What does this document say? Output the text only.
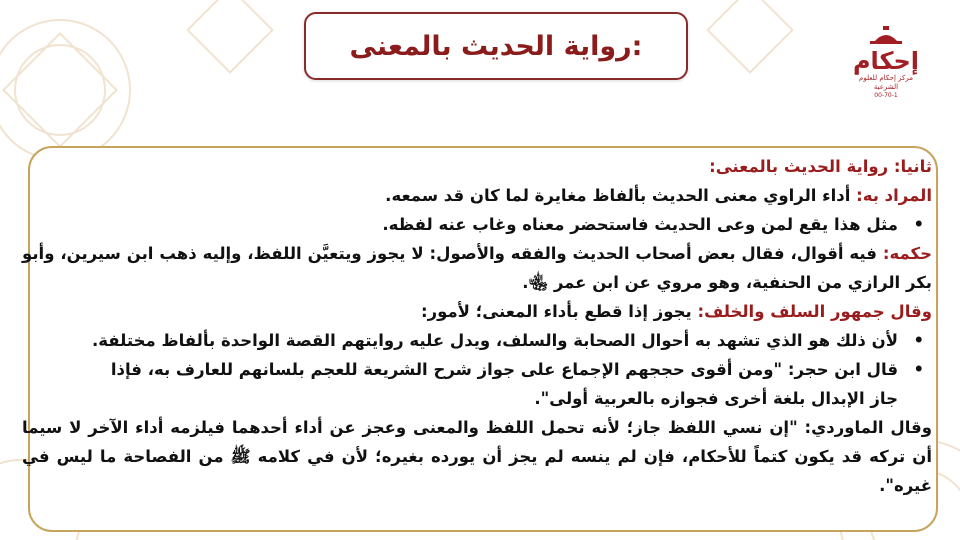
رواية الحديث بالمعنى:	إحكام
مركز إحكام للعلوم الشرعية
00-70-1
ثانيا: رواية الحديث بالمعنى:
المراد به: أداء الراوي معنى الحديث بألفاظ مغايرة لما كان قد سمعه.
• مثل هذا يقع لمن وعى الحديث فاستحضر معناه وغاب عنه لفظه.
حكمه: فيه أقوال، فقال بعض أصحاب الحديث والفقه والأصول: لا يجوز ويتعيَّن اللفظ، وإليه ذهب ابن سيرين، وأبو بكر الرازي من الحنفية، وهو مروي عن ابن عمر ﵄.
وقال جمهور السلف والخلف: يجوز إذا قطع بأداء المعنى؛ لأمور:
• لأن ذلك هو الذي تشهد به أحوال الصحابة والسلف، ويدل عليه روايتهم القصة الواحدة بألفاظ مختلفة.
• قال ابن حجر: "ومن أقوى حججهم الإجماع على جواز شرح الشريعة للعجم بلسانهم للعارف به، فإذا
جاز الإبدال بلغة أخرى فجوازه بالعربية أولى".
وقال الماوردي: "إن نسي اللفظ جاز؛ لأنه تحمل اللفظ والمعنى وعجز عن أداء أحدهما فيلزمه أداء الآخر لا سيما أن تركه قد يكون كتماً للأحكام، فإن لم ينسه لم يجز أن يورده بغيره؛ لأن في كلامه ﷺ من الفصاحة ما ليس في غيره".
